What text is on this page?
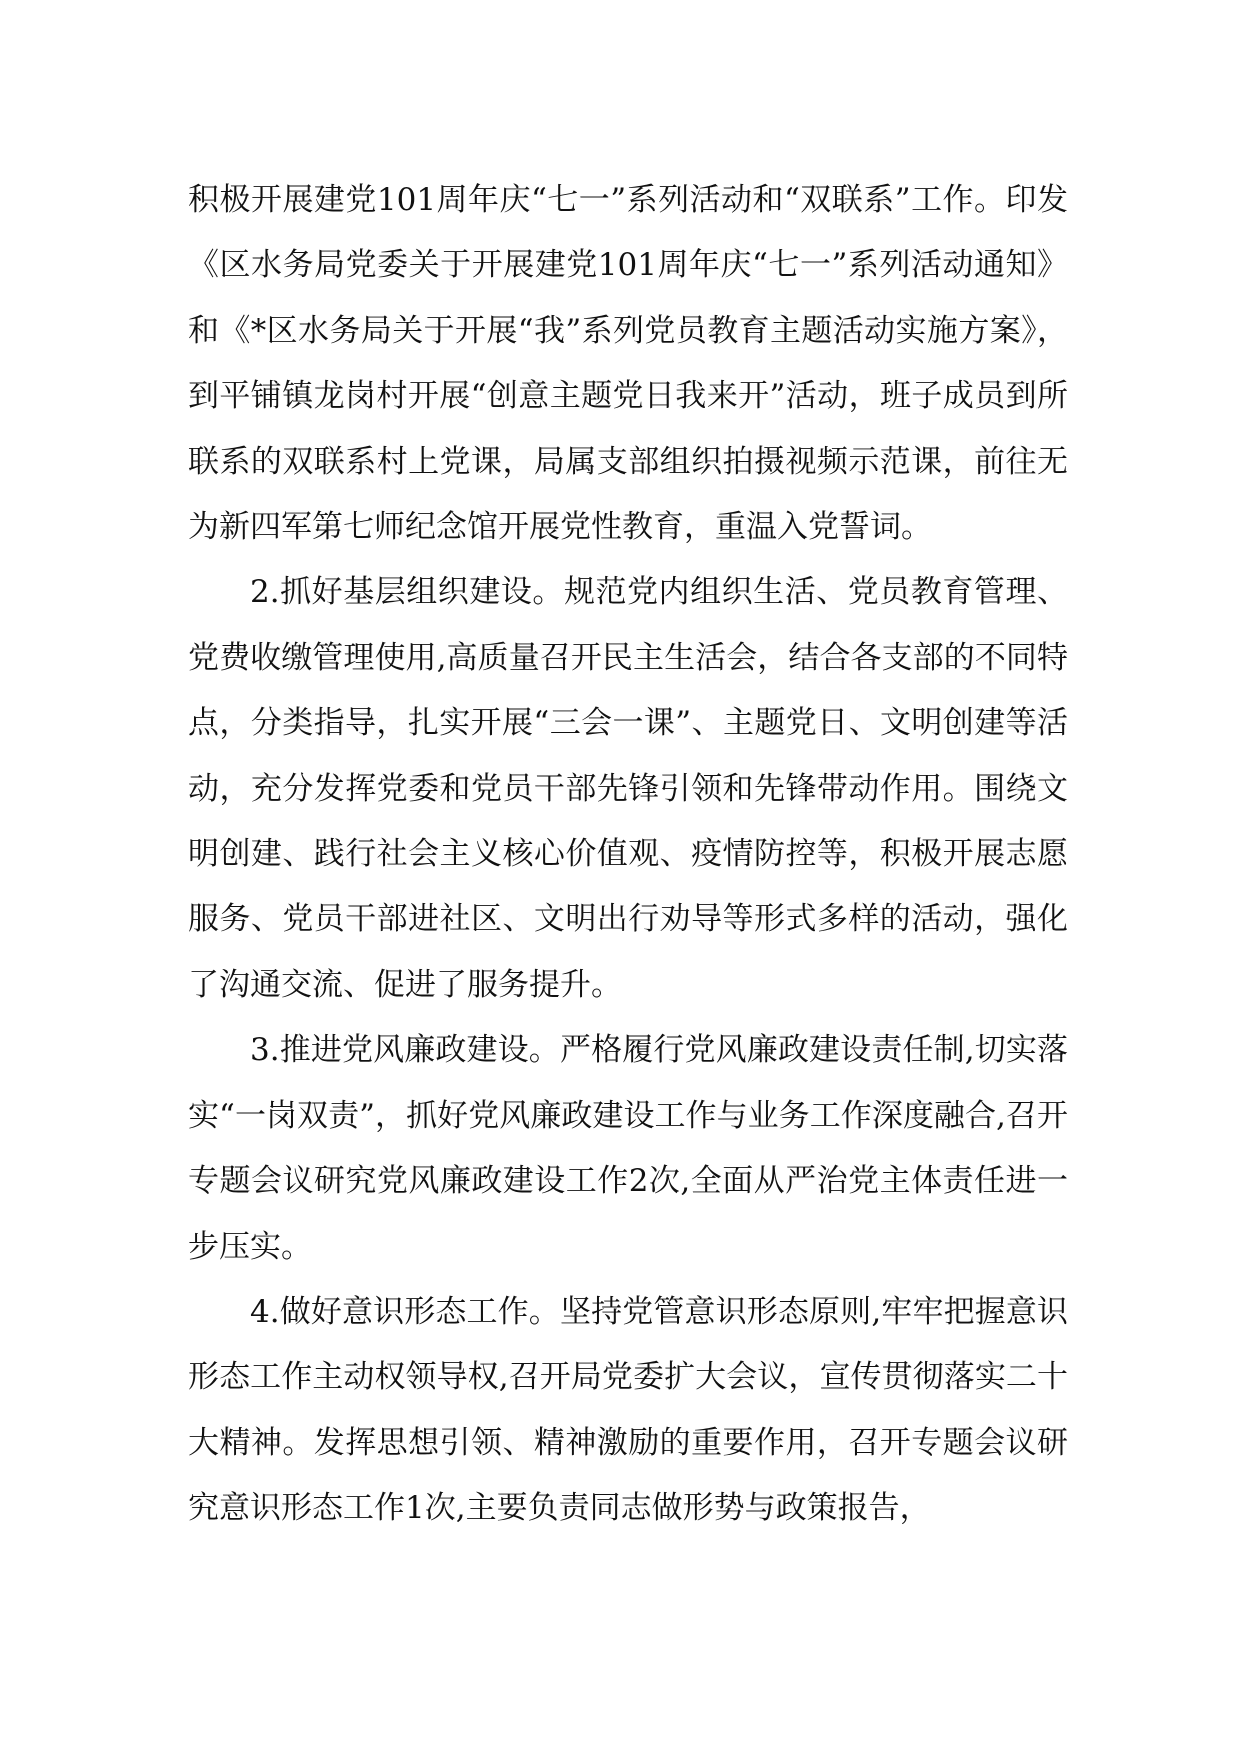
积极开展建党101周年庆“七一”系列活动和“双联系”工作。印发《区水务局党委关于开展建党101周年庆“七一”系列活动通知》和《*区水务局关于开展“我”系列党员教育主题活动实施方案》，到平铺镇龙岗村开展“创意主题党日我来开”活动，班子成员到所联系的双联系村上党课，局属支部组织拍摄视频示范课，前往无为新四军第七师纪念馆开展党性教育，重温入党誓词。

2.抓好基层组织建设。规范党内组织生活、党员教育管理、党费收缴管理使用,高质量召开民主生活会，结合各支部的不同特点，分类指导，扎实开展“三会一课”、主题党日、文明创建等活动，充分发挥党委和党员干部先锋引领和先锋带动作用。围绕文明创建、践行社会主义核心价值观、疫情防控等，积极开展志愿服务、党员干部进社区、文明出行劝导等形式多样的活动，强化了沟通交流、促进了服务提升。

3.推进党风廉政建设。严格履行党风廉政建设责任制,切实落实“一岗双责”，抓好党风廉政建设工作与业务工作深度融合,召开专题会议研究党风廉政建设工作2次,全面从严治党主体责任进一步压实。

4.做好意识形态工作。坚持党管意识形态原则,牢牢把握意识形态工作主动权领导权,召开局党委扩大会议，宣传贯彻落实二十大精神。发挥思想引领、精神激励的重要作用，召开专题会议研究意识形态工作1次,主要负责同志做形势与政策报告，
